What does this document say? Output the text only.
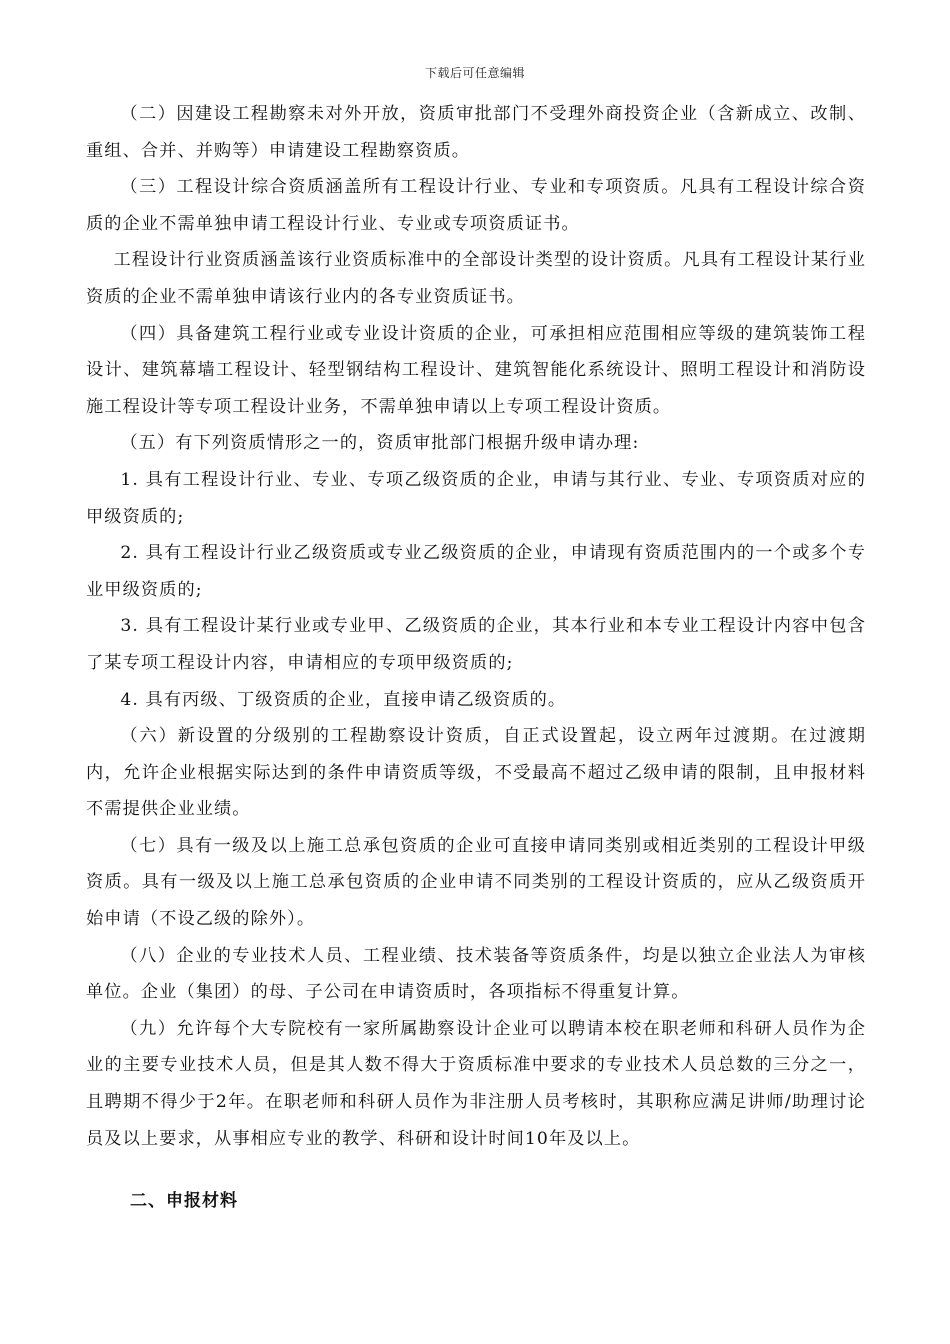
下载后可任意编辑

（二）因建设工程勘察未对外开放，资质审批部门不受理外商投资企业（含新成立、改制、重组、合并、并购等）申请建设工程勘察资质。

（三）工程设计综合资质涵盖所有工程设计行业、专业和专项资质。凡具有工程设计综合资质的企业不需单独申请工程设计行业、专业或专项资质证书。

工程设计行业资质涵盖该行业资质标准中的全部设计类型的设计资质。凡具有工程设计某行业资质的企业不需单独申请该行业内的各专业资质证书。

（四）具备建筑工程行业或专业设计资质的企业，可承担相应范围相应等级的建筑装饰工程设计、建筑幕墙工程设计、轻型钢结构工程设计、建筑智能化系统设计、照明工程设计和消防设施工程设计等专项工程设计业务，不需单独申请以上专项工程设计资质。

（五）有下列资质情形之一的，资质审批部门根据升级申请办理:

1. 具有工程设计行业、专业、专项乙级资质的企业，申请与其行业、专业、专项资质对应的甲级资质的;

2. 具有工程设计行业乙级资质或专业乙级资质的企业，申请现有资质范围内的一个或多个专业甲级资质的;

3. 具有工程设计某行业或专业甲、乙级资质的企业，其本行业和本专业工程设计内容中包含了某专项工程设计内容，申请相应的专项甲级资质的;

4. 具有丙级、丁级资质的企业，直接申请乙级资质的。

（六）新设置的分级别的工程勘察设计资质，自正式设置起，设立两年过渡期。在过渡期内，允许企业根据实际达到的条件申请资质等级，不受最高不超过乙级申请的限制，且申报材料不需提供企业业绩。

（七）具有一级及以上施工总承包资质的企业可直接申请同类别或相近类别的工程设计甲级资质。具有一级及以上施工总承包资质的企业申请不同类别的工程设计资质的，应从乙级资质开始申请（不设乙级的除外）。

（八）企业的专业技术人员、工程业绩、技术装备等资质条件，均是以独立企业法人为审核单位。企业（集团）的母、子公司在申请资质时，各项指标不得重复计算。

（九）允许每个大专院校有一家所属勘察设计企业可以聘请本校在职老师和科研人员作为企业的主要专业技术人员，但是其人数不得大于资质标准中要求的专业技术人员总数的三分之一，且聘期不得少于2年。在职老师和科研人员作为非注册人员考核时，其职称应满足讲师/助理讨论员及以上要求，从事相应专业的教学、科研和设计时间10年及以上。

二、申报材料
